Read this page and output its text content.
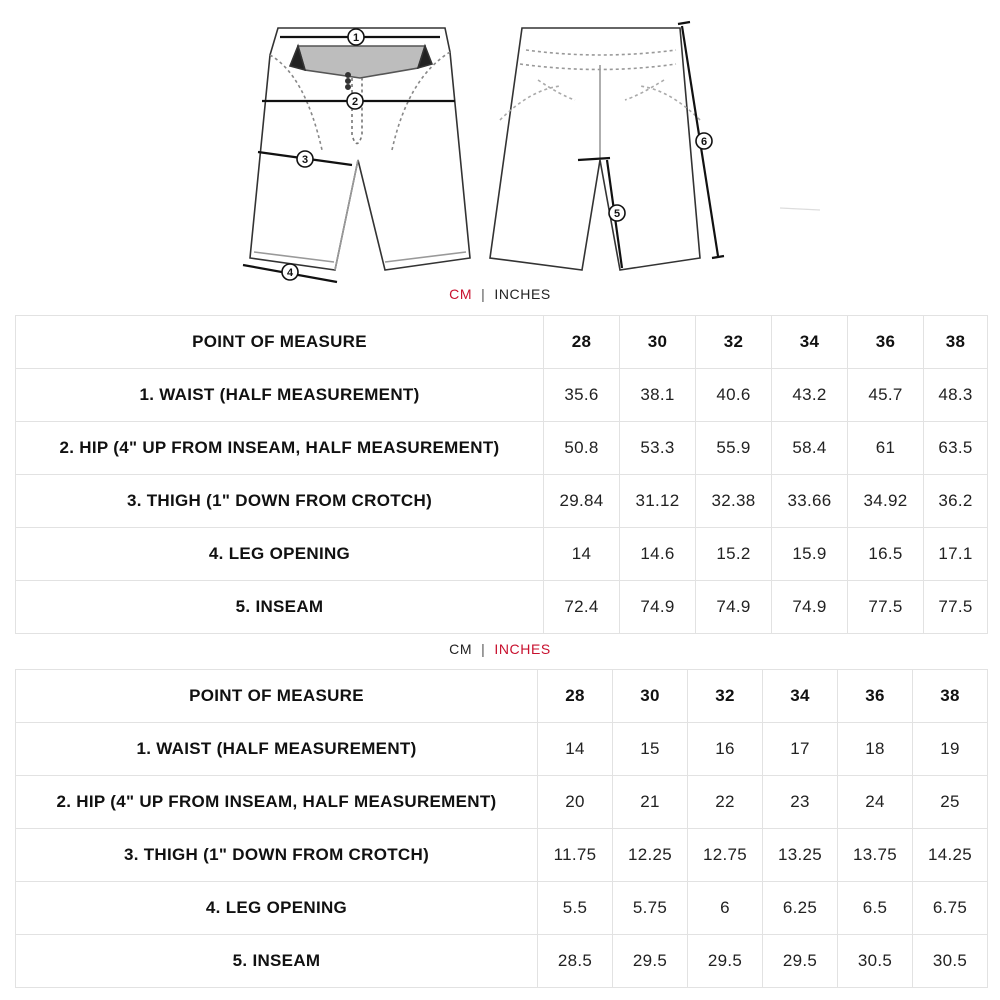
1
2
3
4
5
6
CM | INCHES
POINT OF MEASURE	28	30	32	34	36	38
1. WAIST (HALF MEASUREMENT)	35.6	38.1	40.6	43.2	45.7	48.3
2. HIP (4" UP FROM INSEAM, HALF MEASUREMENT)	50.8	53.3	55.9	58.4	61	63.5
3. THIGH (1" DOWN FROM CROTCH)	29.84	31.12	32.38	33.66	34.92	36.2
4. LEG OPENING	14	14.6	15.2	15.9	16.5	17.1
5. INSEAM	72.4	74.9	74.9	74.9	77.5	77.5
CM | INCHES
POINT OF MEASURE	28	30	32	34	36	38
1. WAIST (HALF MEASUREMENT)	14	15	16	17	18	19
2. HIP (4" UP FROM INSEAM, HALF MEASUREMENT)	20	21	22	23	24	25
3. THIGH (1" DOWN FROM CROTCH)	11.75	12.25	12.75	13.25	13.75	14.25
4. LEG OPENING	5.5	5.75	6	6.25	6.5	6.75
5. INSEAM	28.5	29.5	29.5	29.5	30.5	30.5
